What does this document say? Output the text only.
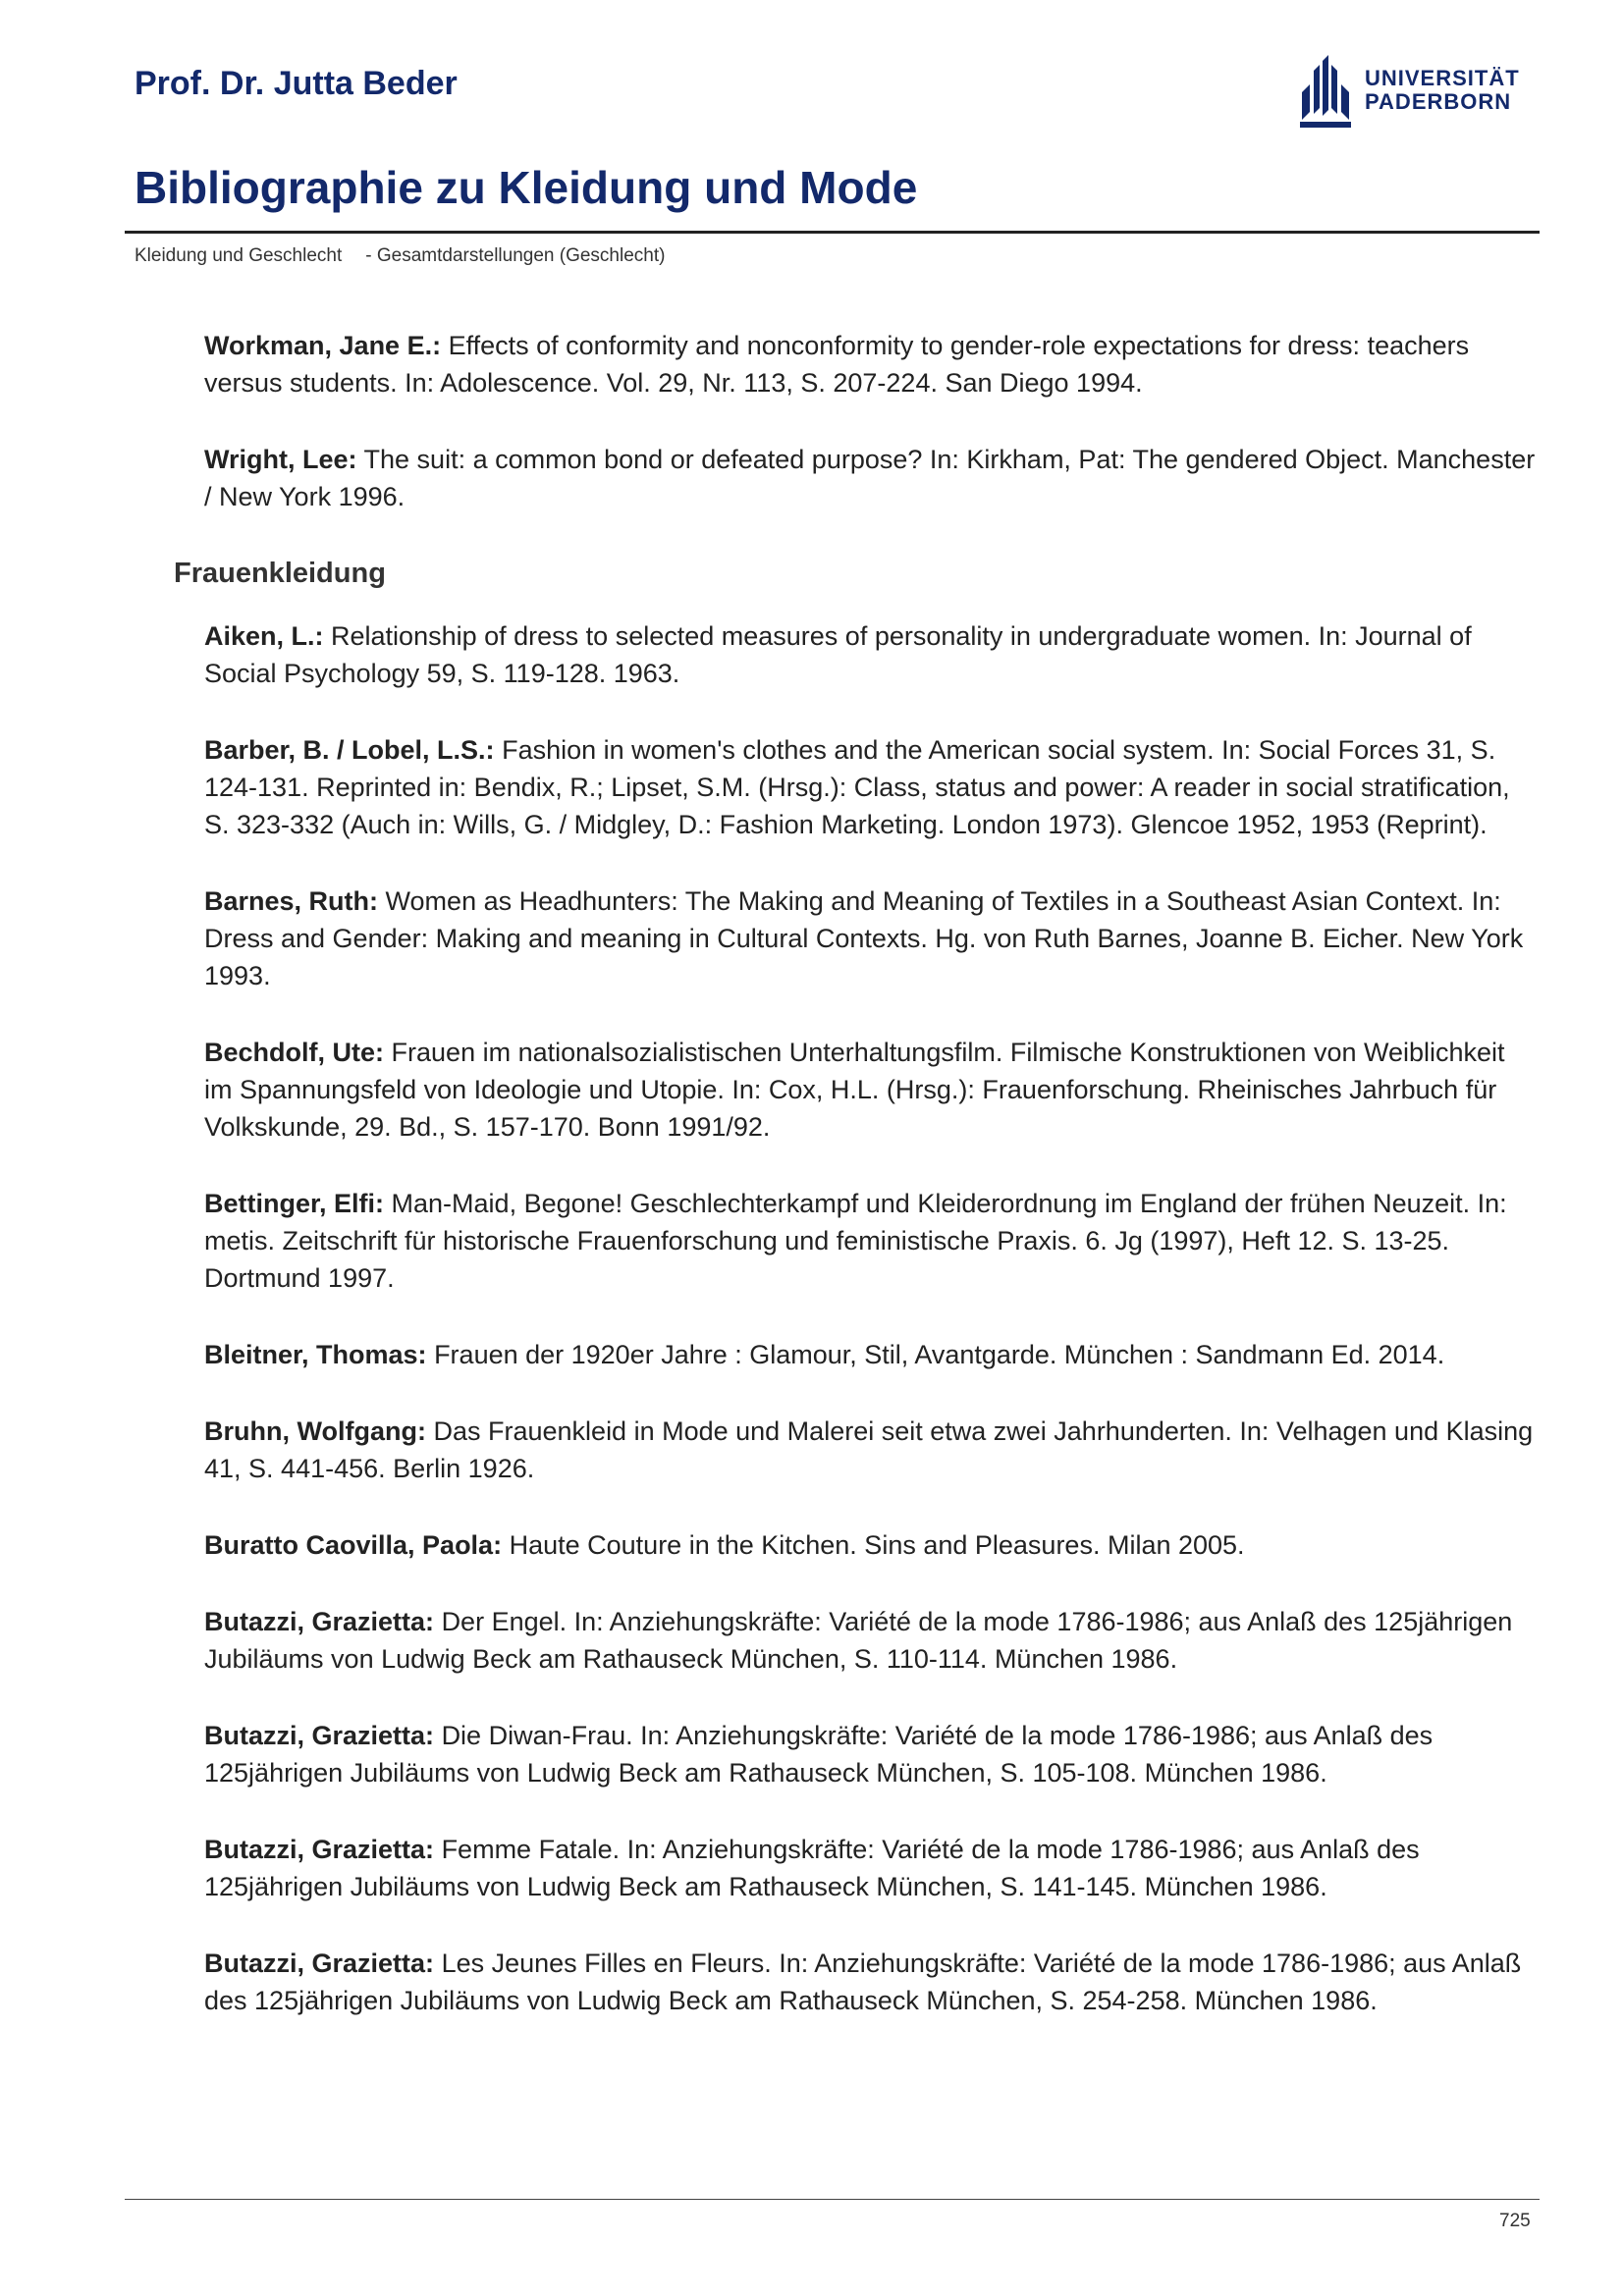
Prof. Dr. Jutta Beder	UNIVERSITÄT
PADERBORN
Bibliographie zu Kleidung und Mode
Kleidung und Geschlecht - Gesamtdarstellungen (Geschlecht)

Workman, Jane E.: Effects of conformity and nonconformity to gender-role expectations for dress: teachers versus students. In: Adolescence. Vol. 29, Nr. 113, S. 207-224. San Diego 1994.

Wright, Lee: The suit: a common bond or defeated purpose? In: Kirkham, Pat: The gendered Object. Manchester / New York 1996.

Frauenkleidung

Aiken, L.: Relationship of dress to selected measures of personality in undergraduate women. In: Journal of Social Psychology 59, S. 119-128. 1963.

Barber, B. / Lobel, L.S.: Fashion in women's clothes and the American social system. In: Social Forces 31, S. 124-131. Reprinted in: Bendix, R.; Lipset, S.M. (Hrsg.): Class, status and power: A reader in social stratification, S. 323-332 (Auch in: Wills, G. / Midgley, D.: Fashion Marketing. London 1973). Glencoe 1952, 1953 (Reprint).

Barnes, Ruth: Women as Headhunters: The Making and Meaning of Textiles in a Southeast Asian Context. In: Dress and Gender: Making and meaning in Cultural Contexts. Hg. von Ruth Barnes, Joanne B. Eicher. New York 1993.

Bechdolf, Ute: Frauen im nationalsozialistischen Unterhaltungsfilm. Filmische Konstruktionen von Weiblichkeit im Spannungsfeld von Ideologie und Utopie. In: Cox, H.L. (Hrsg.): Frauenforschung. Rheinisches Jahrbuch für Volkskunde, 29. Bd., S. 157-170. Bonn 1991/92.

Bettinger, Elfi: Man-Maid, Begone! Geschlechterkampf und Kleiderordnung im England der frühen Neuzeit. In: metis. Zeitschrift für historische Frauenforschung und feministische Praxis. 6. Jg (1997), Heft 12. S. 13-25. Dortmund 1997.

Bleitner, Thomas: Frauen der 1920er Jahre : Glamour, Stil, Avantgarde. München : Sandmann Ed. 2014.

Bruhn, Wolfgang: Das Frauenkleid in Mode und Malerei seit etwa zwei Jahrhunderten. In: Velhagen und Klasing 41, S. 441-456. Berlin 1926.

Buratto Caovilla, Paola: Haute Couture in the Kitchen. Sins and Pleasures. Milan 2005.

Butazzi, Grazietta: Der Engel. In: Anziehungskräfte: Variété de la mode 1786-1986; aus Anlaß des 125jährigen Jubiläums von Ludwig Beck am Rathauseck München, S. 110-114. München 1986.

Butazzi, Grazietta: Die Diwan-Frau. In: Anziehungskräfte: Variété de la mode 1786-1986; aus Anlaß des 125jährigen Jubiläums von Ludwig Beck am Rathauseck München, S. 105-108. München 1986.

Butazzi, Grazietta: Femme Fatale. In: Anziehungskräfte: Variété de la mode 1786-1986; aus Anlaß des 125jährigen Jubiläums von Ludwig Beck am Rathauseck München, S. 141-145. München 1986.

Butazzi, Grazietta: Les Jeunes Filles en Fleurs. In: Anziehungskräfte: Variété de la mode 1786-1986; aus Anlaß des 125jährigen Jubiläums von Ludwig Beck am Rathauseck München, S. 254-258. München 1986.

725
